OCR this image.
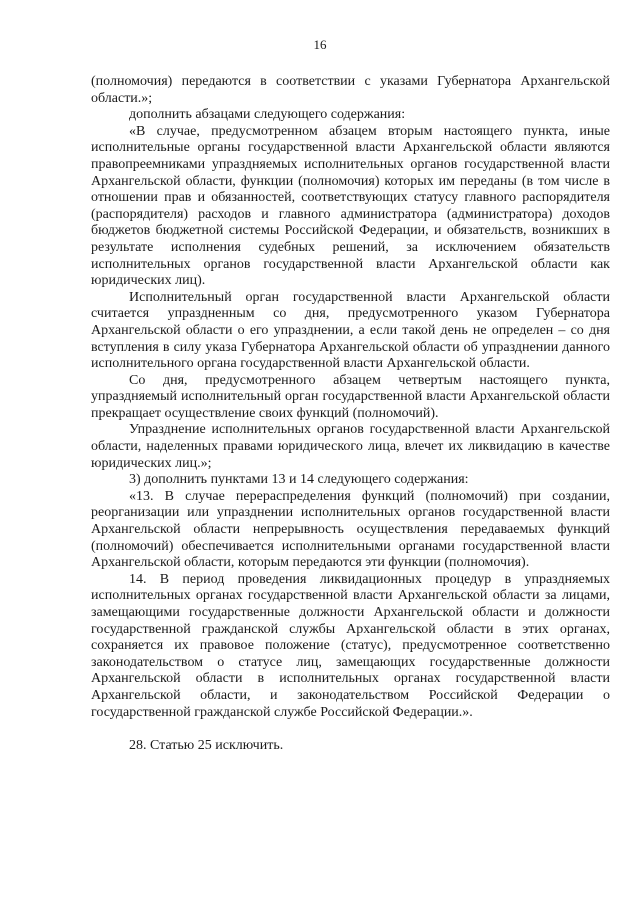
16

(полномочия) передаются в соответствии с указами Губернатора Архангельской области.»;

дополнить абзацами следующего содержания:

«В случае, предусмотренном абзацем вторым настоящего пункта, иные исполнительные органы государственной власти Архангельской области являются правопреемниками упраздняемых исполнительных органов государственной власти Архангельской области, функции (полномочия) которых им переданы (в том числе в отношении прав и обязанностей, соответствующих статусу главного распорядителя (распорядителя) расходов и главного администратора (администратора) доходов бюджетов бюджетной системы Российской Федерации, и обязательств, возникших в результате исполнения судебных решений, за исключением обязательств исполнительных органов государственной власти Архангельской области как юридических лиц).

Исполнительный орган государственной власти Архангельской области считается упраздненным со дня, предусмотренного указом Губернатора Архангельской области о его упразднении, а если такой день не определен – со дня вступления в силу указа Губернатора Архангельской области об упразднении данного исполнительного органа государственной власти Архангельской области.

Со дня, предусмотренного абзацем четвертым настоящего пункта, упраздняемый исполнительный орган государственной власти Архангельской области прекращает осуществление своих функций (полномочий).

Упразднение исполнительных органов государственной власти Архангельской области, наделенных правами юридического лица, влечет их ликвидацию в качестве юридических лиц.»;

3) дополнить пунктами 13 и 14 следующего содержания:

«13. В случае перераспределения функций (полномочий) при создании, реорганизации или упразднении исполнительных органов государственной власти Архангельской области непрерывность осуществления передаваемых функций (полномочий) обеспечивается исполнительными органами государственной власти Архангельской области, которым передаются эти функции (полномочия).

14. В период проведения ликвидационных процедур в упраздняемых исполнительных органах государственной власти Архангельской области за лицами, замещающими государственные должности Архангельской области и должности государственной гражданской службы Архангельской области в этих органах, сохраняется их правовое положение (статус), предусмотренное соответственно законодательством о статусе лиц, замещающих государственные должности Архангельской области в исполнительных органах государственной власти Архангельской области, и законодательством Российской Федерации о государственной гражданской службе Российской Федерации.».

28. Статью 25 исключить.
